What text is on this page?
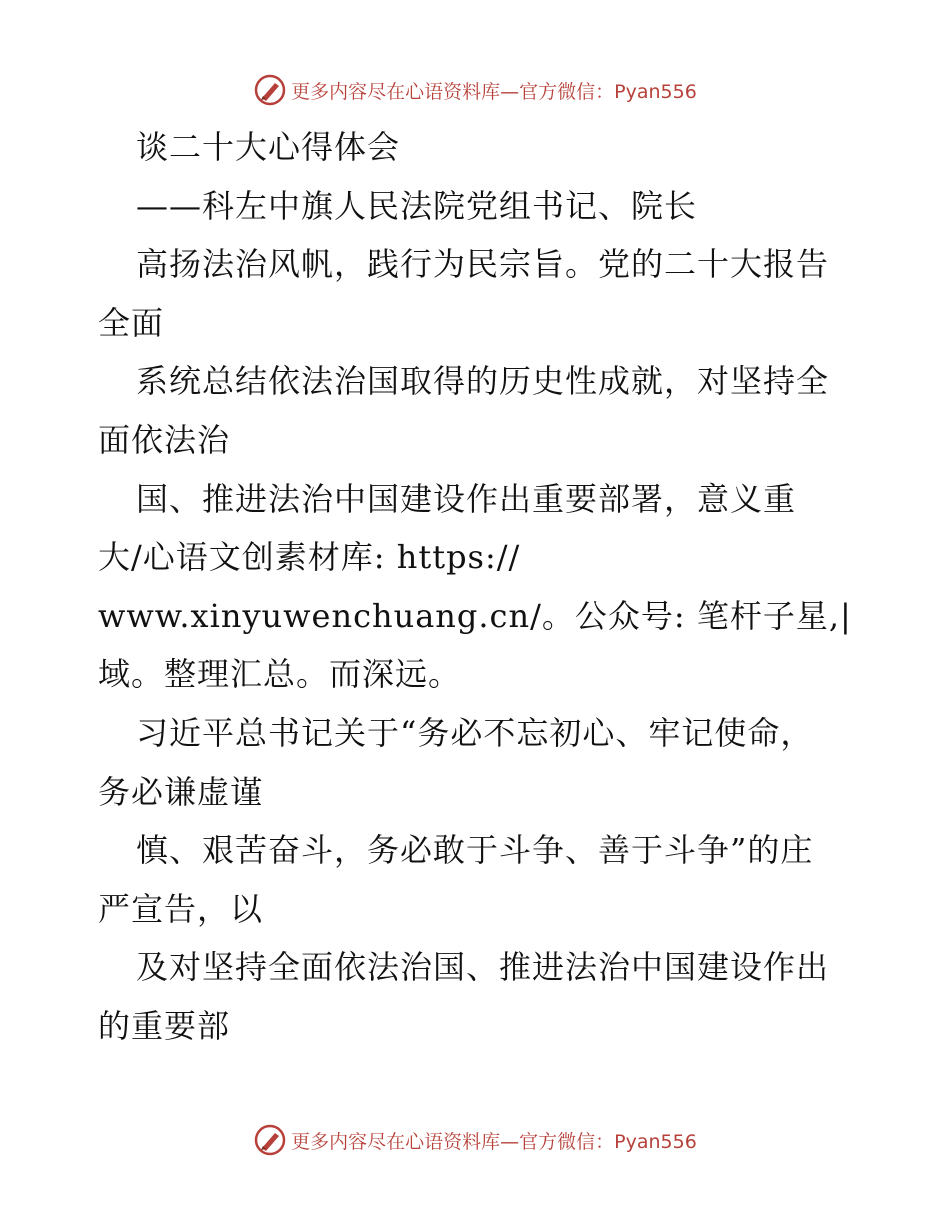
更多内容尽在心语资料库—官方微信：Pyan556
谈二十大心得体会
——科左中旗人民法院党组书记、院长
高扬法治风帆，践行为民宗旨。党的二十大报告
全面
系统总结依法治国取得的历史性成就，对坚持全
面依法治
国、推进法治中国建设作出重要部署，意义重
大/心语文创素材库: https://
www.xinyuwenchuang.cn/。公众号: 笔杆子星,|
域。整理汇总。而深远。
习近平总书记关于“务必不忘初心、牢记使命，
务必谦虚谨
慎、艰苦奋斗，务必敢于斗争、善于斗争”的庄
严宣告，以
及对坚持全面依法治国、推进法治中国建设作出
的重要部
更多内容尽在心语资料库—官方微信：Pyan556
